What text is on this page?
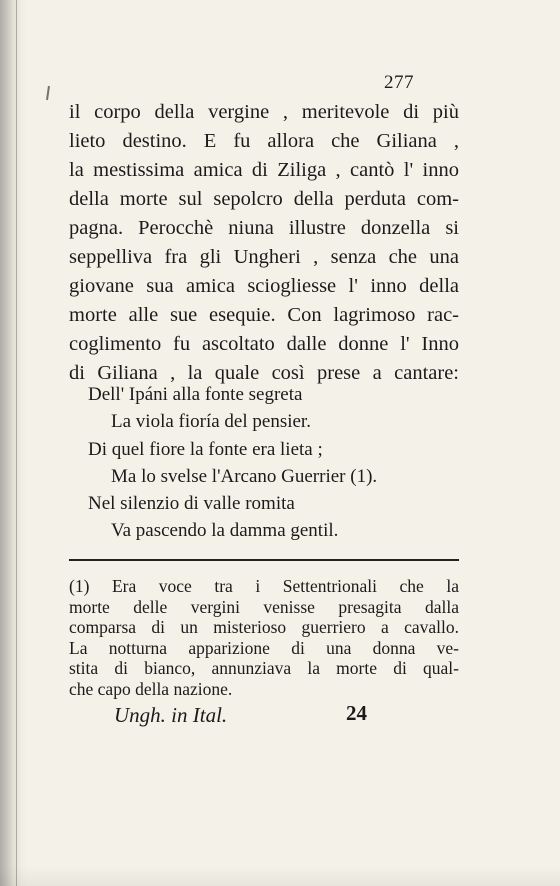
277
il corpo della vergine , meritevole di più
lieto destino. E fu allora che Giliana ,
la mestissima amica di Ziliga , cantò l' inno
della morte sul sepolcro della perduta com-
pagna. Perocchè niuna illustre donzella si
seppelliva fra gli Ungheri , senza che una
giovane sua amica sciogliesse l' inno della
morte alle sue esequie. Con lagrimoso rac-
coglimento fu ascoltato dalle donne l' Inno
di Giliana , la quale così prese a cantare:
Dell' Ipáni alla fonte segreta
La viola fioría del pensier.
Di quel fiore la fonte era lieta ;
Ma lo svelse l'Arcano Guerrier (1).
Nel silenzio di valle romita
Va pascendo la damma gentil.
(1) Era voce tra i Settentrionali che la
morte delle vergini venisse presagita dalla
comparsa di un misterioso guerriero a cavallo.
La notturna apparizione di una donna ve-
stita di bianco, annunziava la morte di qual-
che capo della nazione.
Ungh. in Ital.	24
